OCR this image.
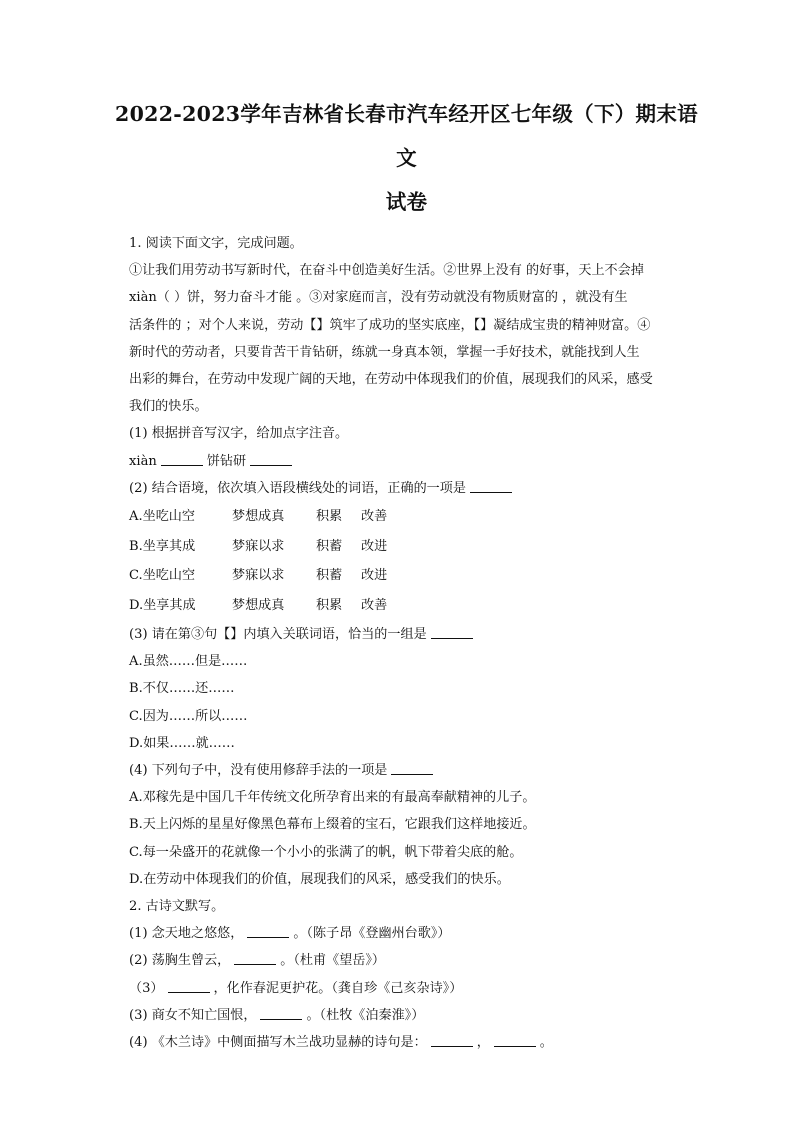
2022-2023学年吉林省长春市汽车经开区七年级（下）期末语文
试卷
1. 阅读下面文字，完成问题。
①让我们用劳动书写新时代，在奋斗中创造美好生活。②世界上没有 的好事，天上不会掉
xiàn（ ）饼，努力奋斗才能 。③对家庭而言，没有劳动就没有物质财富的 ，就没有生
活条件的 ；对个人来说，劳动【】筑牢了成功的坚实底座，【】凝结成宝贵的精神财富。④
新时代的劳动者，只要肯苦干肯钻研，练就一身真本领，掌握一手好技术，就能找到人生
出彩的舞台，在劳动中发现广阔的天地，在劳动中体现我们的价值，展现我们的风采，感受
我们的快乐。
(1) 根据拼音写汉字，给加点字注音。
xiàn	饼钻研
(2) 结合语境，依次填入语段横线处的词语，正确的一项是
A.坐吃山空	梦想成真 积累 改善
B.坐享其成	梦寐以求 积蓄 改进
C.坐吃山空	梦寐以求 积蓄 改进
D.坐享其成	梦想成真 积累 改善
(3) 请在第③句【】内填入关联词语，恰当的一组是
A.虽然……但是……
B.不仅……还……
C.因为……所以……
D.如果……就……
(4) 下列句子中，没有使用修辞手法的一项是
A.邓稼先是中国几千年传统文化所孕育出来的有最高奉献精神的儿子。
B.天上闪烁的星星好像黑色幕布上缀着的宝石，它跟我们这样地接近。
C.每一朵盛开的花就像一个小小的张满了的帆，帆下带着尖底的舱。
D.在劳动中体现我们的价值，展现我们的风采，感受我们的快乐。
2. 古诗文默写。
(1) 念天地之悠悠，	。（陈子昂《登幽州台歌》）
(2) 荡胸生曾云，	。（杜甫《望岳》）
（3）	，化作春泥更护花。（龚自珍《己亥杂诗》）
(3) 商女不知亡国恨，	。（杜牧《泊秦淮》）
(4) 《木兰诗》中侧面描写木兰战功显赫的诗句是：	，	。
